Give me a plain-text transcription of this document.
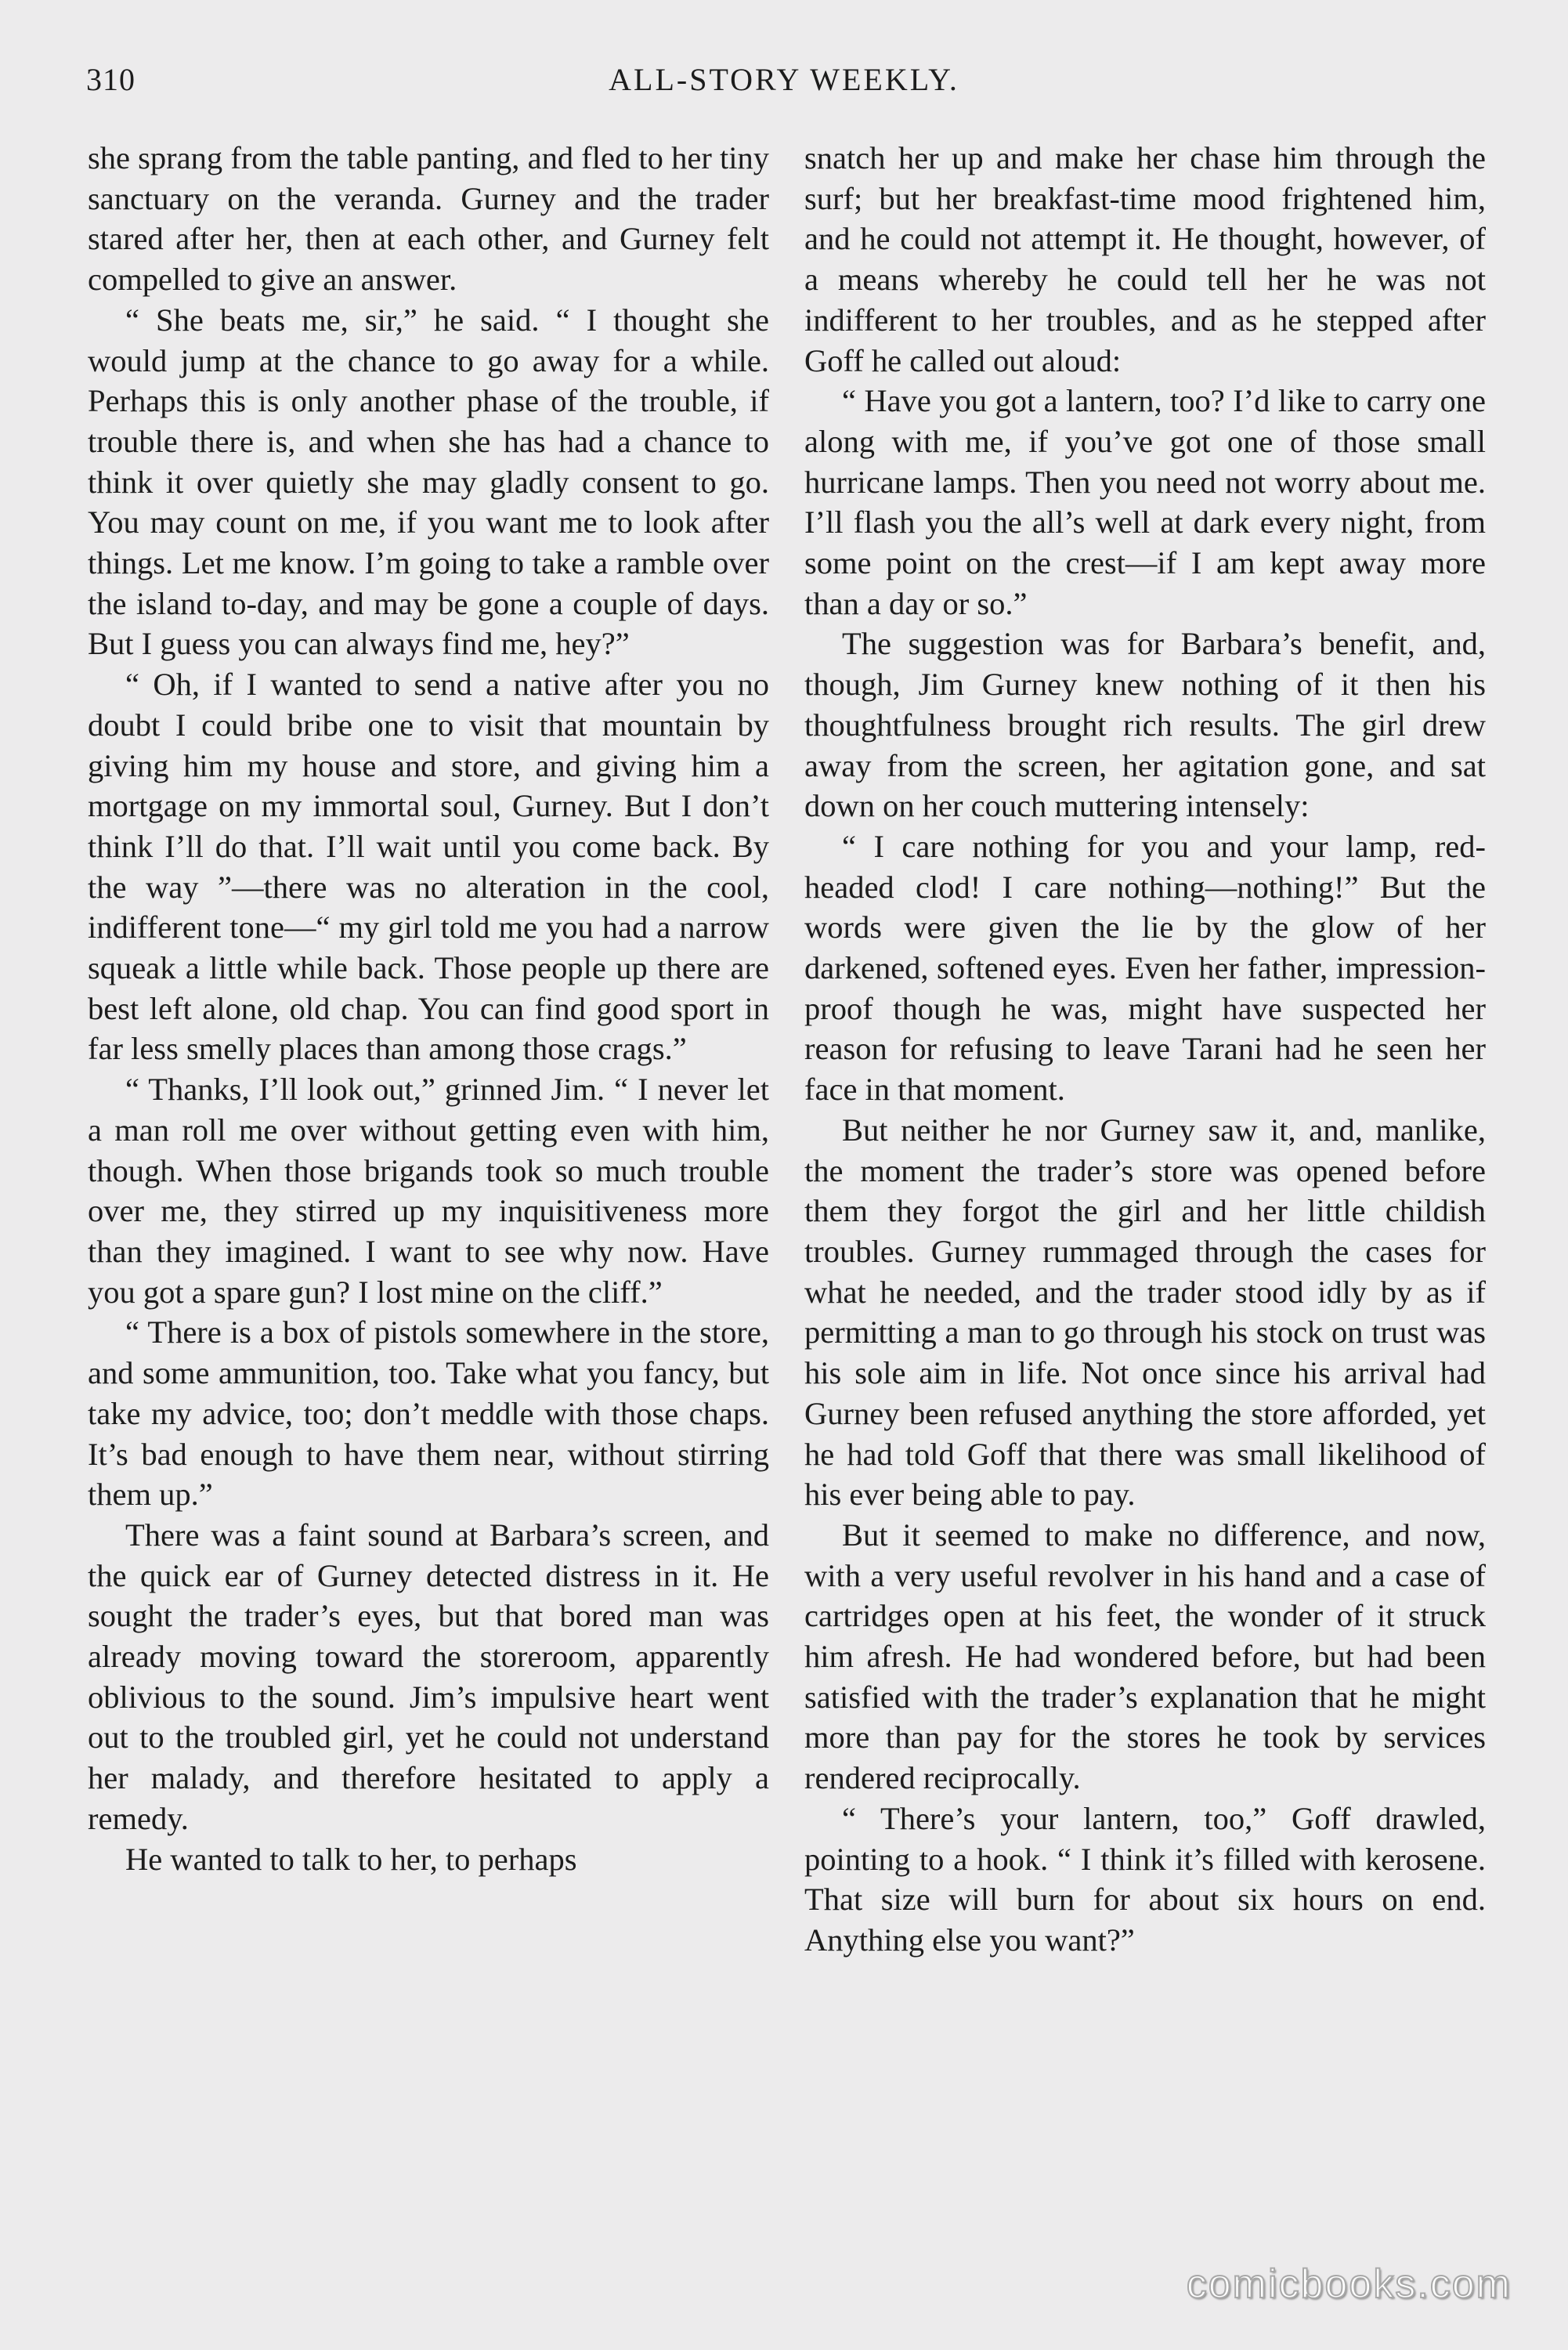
310	ALL-STORY WEEKLY.

she sprang from the table panting, and fled to her tiny sanctuary on the veranda. Gurney and the trader stared after her, then at each other, and Gurney felt compelled to give an answer.

“ She beats me, sir,” he said. “ I thought she would jump at the chance to go away for a while. Perhaps this is only another phase of the trouble, if trouble there is, and when she has had a chance to think it over quietly she may gladly consent to go. You may count on me, if you want me to look after things. Let me know. I’m going to take a ramble over the island to-day, and may be gone a couple of days. But I guess you can always find me, hey?”

“ Oh, if I wanted to send a native after you no doubt I could bribe one to visit that mountain by giving him my house and store, and giving him a mortgage on my immortal soul, Gurney. But I don’t think I’ll do that. I’ll wait until you come back. By the way ”—there was no alteration in the cool, indifferent tone—“ my girl told me you had a narrow squeak a little while back. Those people up there are best left alone, old chap. You can find good sport in far less smelly places than among those crags.”

“ Thanks, I’ll look out,” grinned Jim. “ I never let a man roll me over without getting even with him, though. When those brigands took so much trouble over me, they stirred up my inquisitiveness more than they imagined. I want to see why now. Have you got a spare gun? I lost mine on the cliff.”

“ There is a box of pistols somewhere in the store, and some ammunition, too. Take what you fancy, but take my advice, too; don’t meddle with those chaps. It’s bad enough to have them near, without stirring them up.”

There was a faint sound at Barbara’s screen, and the quick ear of Gurney detected distress in it. He sought the trader’s eyes, but that bored man was already moving toward the storeroom, apparently oblivious to the sound. Jim’s impulsive heart went out to the troubled girl, yet he could not understand her malady, and therefore hesitated to apply a remedy.

He wanted to talk to her, to perhaps

snatch her up and make her chase him through the surf; but her breakfast-time mood frightened him, and he could not attempt it. He thought, however, of a means whereby he could tell her he was not indifferent to her troubles, and as he stepped after Goff he called out aloud:

“ Have you got a lantern, too? I’d like to carry one along with me, if you’ve got one of those small hurricane lamps. Then you need not worry about me. I’ll flash you the all’s well at dark every night, from some point on the crest—if I am kept away more than a day or so.”

The suggestion was for Barbara’s benefit, and, though, Jim Gurney knew nothing of it then his thoughtfulness brought rich results. The girl drew away from the screen, her agitation gone, and sat down on her couch muttering intensely:

“ I care nothing for you and your lamp, red-headed clod! I care nothing—nothing!” But the words were given the lie by the glow of her darkened, softened eyes. Even her father, impression-proof though he was, might have suspected her reason for refusing to leave Tarani had he seen her face in that moment.

But neither he nor Gurney saw it, and, manlike, the moment the trader’s store was opened before them they forgot the girl and her little childish troubles. Gurney rummaged through the cases for what he needed, and the trader stood idly by as if permitting a man to go through his stock on trust was his sole aim in life. Not once since his arrival had Gurney been refused anything the store afforded, yet he had told Goff that there was small likelihood of his ever being able to pay.

But it seemed to make no difference, and now, with a very useful revolver in his hand and a case of cartridges open at his feet, the wonder of it struck him afresh. He had wondered before, but had been satisfied with the trader’s explanation that he might more than pay for the stores he took by services rendered reciprocally.

“ There’s your lantern, too,” Goff drawled, pointing to a hook. “ I think it’s filled with kerosene. That size will burn for about six hours on end. Anything else you want?”

comicbooks.com
